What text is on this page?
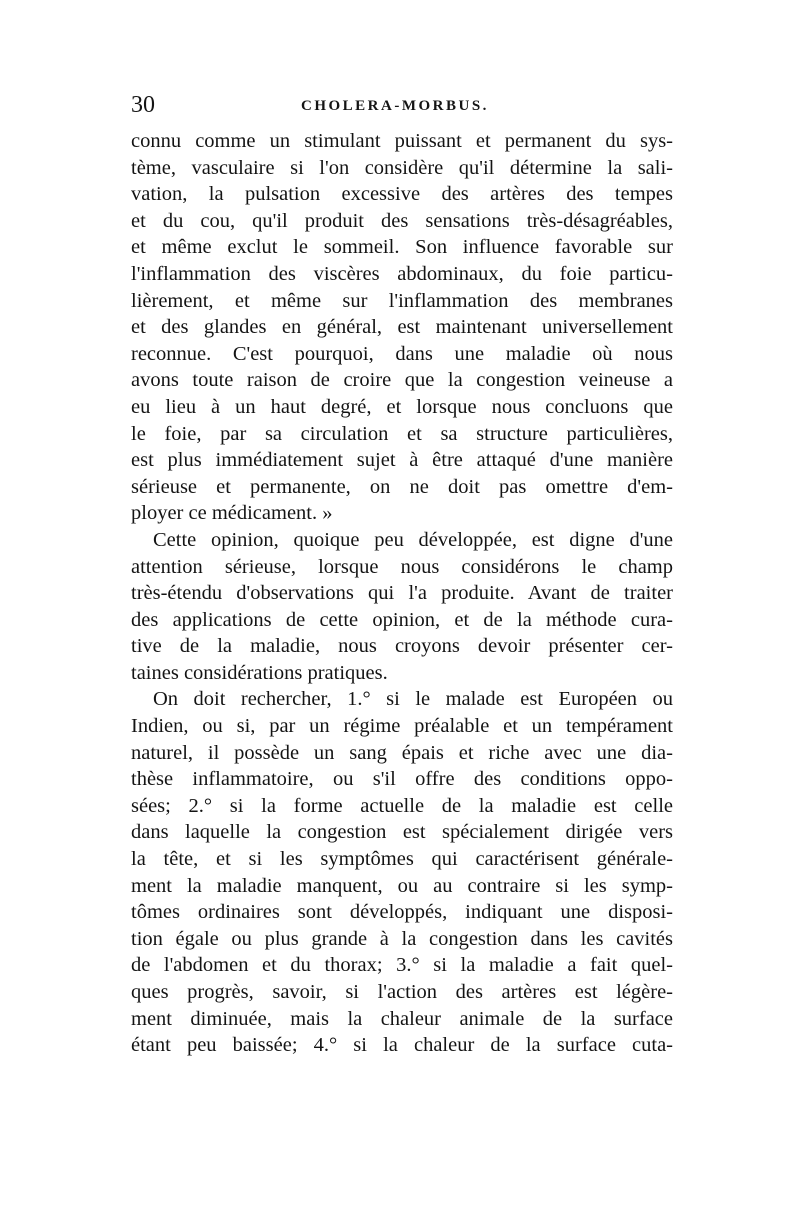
30	CHOLERA-MORBUS.
connu comme un stimulant puissant et permanent du sys-
tème, vasculaire si l'on considère qu'il détermine la sali-
vation, la pulsation excessive des artères des tempes
et du cou, qu'il produit des sensations très-désagréables,
et même exclut le sommeil. Son influence favorable sur
l'inflammation des viscères abdominaux, du foie particu-
lièrement, et même sur l'inflammation des membranes
et des glandes en général, est maintenant universellement
reconnue. C'est pourquoi, dans une maladie où nous
avons toute raison de croire que la congestion veineuse a
eu lieu à un haut degré, et lorsque nous concluons que
le foie, par sa circulation et sa structure particulières,
est plus immédiatement sujet à être attaqué d'une manière
sérieuse et permanente, on ne doit pas omettre d'em-
ployer ce médicament. »
Cette opinion, quoique peu développée, est digne d'une
attention sérieuse, lorsque nous considérons le champ
très-étendu d'observations qui l'a produite. Avant de traiter
des applications de cette opinion, et de la méthode cura-
tive de la maladie, nous croyons devoir présenter cer-
taines considérations pratiques.
On doit rechercher, 1.° si le malade est Européen ou
Indien, ou si, par un régime préalable et un tempérament
naturel, il possède un sang épais et riche avec une dia-
thèse inflammatoire, ou s'il offre des conditions oppo-
sées; 2.° si la forme actuelle de la maladie est celle
dans laquelle la congestion est spécialement dirigée vers
la tête, et si les symptômes qui caractérisent générale-
ment la maladie manquent, ou au contraire si les symp-
tômes ordinaires sont développés, indiquant une disposi-
tion égale ou plus grande à la congestion dans les cavités
de l'abdomen et du thorax; 3.° si la maladie a fait quel-
ques progrès, savoir, si l'action des artères est légère-
ment diminuée, mais la chaleur animale de la surface
étant peu baissée; 4.° si la chaleur de la surface cuta-
